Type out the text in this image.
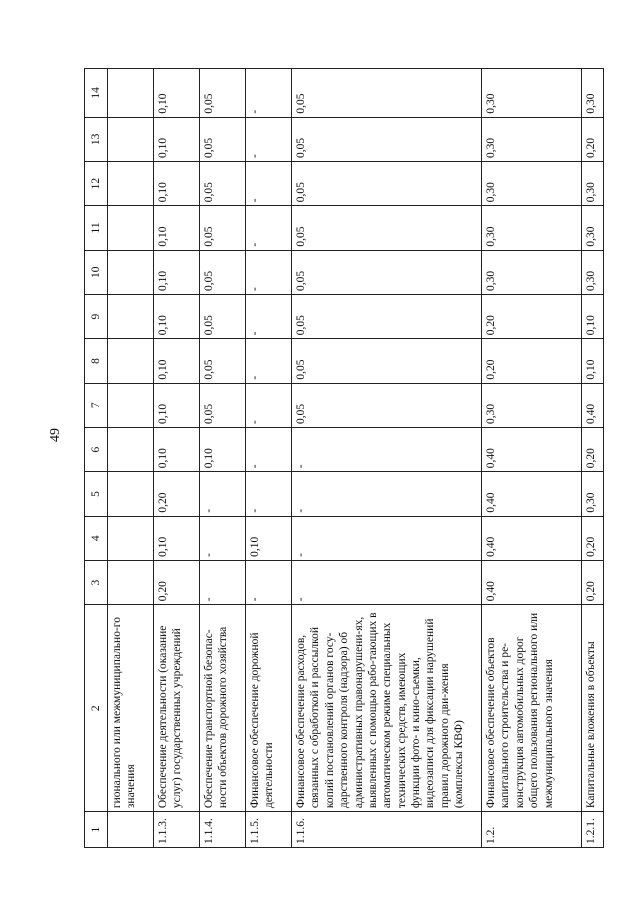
49
1	2	3	4	5	6	7	8	9	10	11	12	13	14
	гионального или межмуниципально-го значения												
1.1.3.	Обеспечение деятельности (оказание услуг) государственных учреждений	0,20	0,10	0,20	0,10	0,10	0,10	0,10	0,10	0,10	0,10	0,10	0,10
1.1.4.	Обеспечение транспортной безопас-ности объектов дорожного хозяйства	-	-	-	0,10	0,05	0,05	0,05	0,05	0,05	0,05	0,05	0,05
1.1.5.	Финансовое обеспечение дорожной деятельности	-	0,10	-	-	-	-	-	-	-	-	-	-
1.1.6.	Финансовое обеспечение расходов, связанных с обработкой и рассылкой копий постановлений органов госу-дарственного контроля (надзора) об административных правонарушени-ях, выявленных с помощью рабо-тающих в автоматическом режиме специальных технических средств, имеющих функции фото- и кино-съемки, видеозаписи для фиксации нарушений правил дорожного дви-жения (комплексы КВФ)	-	-	-	-	0,05	0,05	0,05	0,05	0,05	0,05	0,05	0,05
1.2.	Финансовое обеспечение объектов капитального строительства и ре-конструкция автомобильных дорог общего пользования регионального или межмуниципального значения	0,40	0,40	0,40	0,40	0,30	0,20	0,20	0,30	0,30	0,30	0,30	0,30
1.2.1.	Капитальные вложения в объекты	0,20	0,20	0,30	0,20	0,40	0,10	0,10	0,30	0,30	0,30	0,20	0,30
